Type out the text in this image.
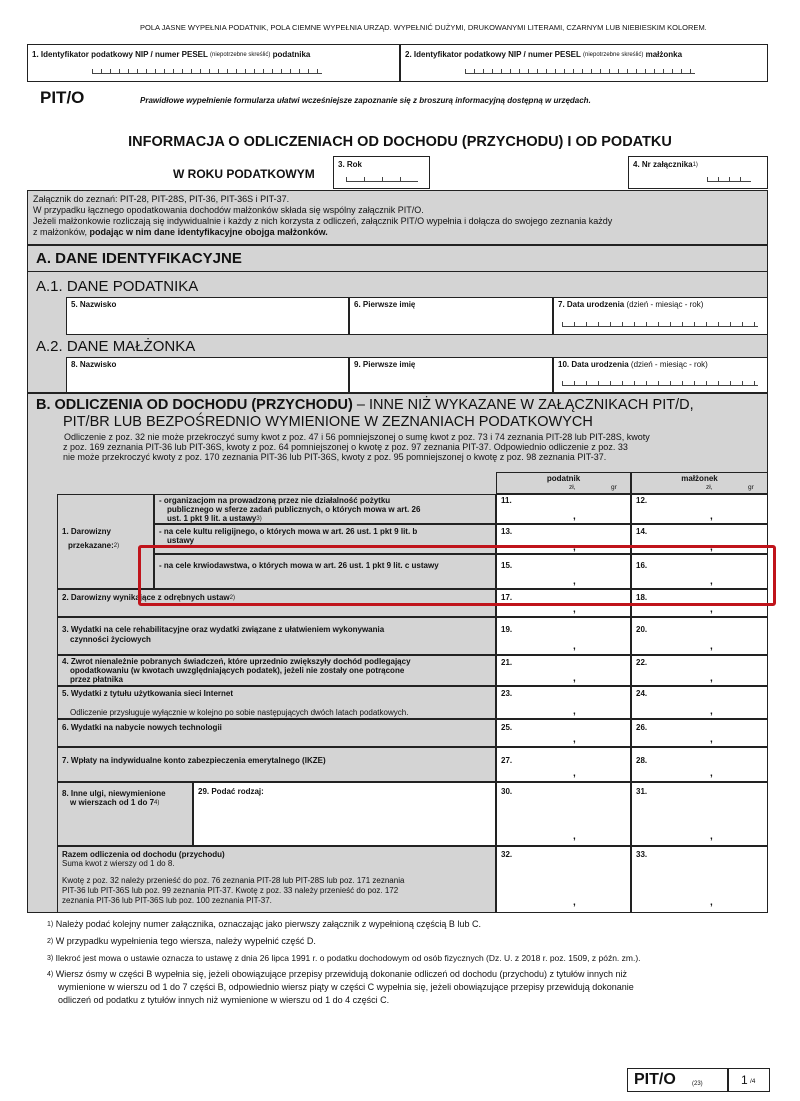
POLA JASNE WYPEŁNIA PODATNIK, POLA CIEMNE WYPEŁNIA URZĄD. WYPEŁNIĆ DUŻYMI, DRUKOWANYMI LITERAMI, CZARNYM LUB NIEBIESKIM KOLOREM.
1. Identyfikator podatkowy NIP / numer PESEL $^{(niepotrzebne skreślić)}$ podatnika	2. Identyfikator podatkowy NIP / numer PESEL $^{(niepotrzebne skreślić)}$ małżonka
PIT/O	Prawidłowe wypełnienie formularza ułatwi wcześniejsze zapoznanie się z broszurą informacyjną dostępną w urzędach.
INFORMACJA O ODLICZENIACH OD DOCHODU (PRZYCHODU) I OD PODATKU
W ROKU PODATKOWYM
3. Rok	4. Nr załącznika$^{1)}$
Załącznik do zeznań: PIT-28, PIT-28S, PIT-36, PIT-36S i PIT-37.
W przypadku łącznego opodatkowania dochodów małżonków składa się wspólny załącznik PIT/O.
Jeżeli małżonkowie rozliczają się indywidualnie i każdy z nich korzysta z odliczeń, załącznik PIT/O wypełnia i dołącza do swojego zeznania każdy
z małżonków, podając w nim dane identyfikacyjne obojga małżonków.
A. DANE IDENTYFIKACYJNE
A.1. DANE PODATNIKA
A.2. DANE MAŁŻONKA
5. Nazwisko	6. Pierwsze imię	7. Data urodzenia (dzień - miesiąc - rok)
8. Nazwisko	9. Pierwsze imię	10. Data urodzenia (dzień - miesiąc - rok)
B. ODLICZENIA OD DOCHODU (PRZYCHODU) – INNE NIŻ WYKAZANE W ZAŁĄCZNIKACH PIT/D,
PIT/BR LUB BEZPOŚREDNIO WYMIENIONE W ZEZNANIACH PODATKOWYCH
Odliczenie z poz. 32 nie może przekroczyć sumy kwot z poz. 47 i 56 pomniejszonej o sumę kwot z poz. 73 i 74 zeznania PIT-28 lub PIT-28S, kwoty
z poz. 169 zeznania PIT-36 lub PIT-36S, kwoty z poz. 64 pomniejszonej o kwotę z poz. 97 zeznania PIT-37. Odpowiednio odliczenie z poz. 33
nie może przekroczyć kwoty z poz. 170 zeznania PIT-36 lub PIT-36S, kwoty z poz. 95 pomniejszonej o kwotę z poz. 98 zeznania PIT-37.
podatnik
zł,	gr
małżonek
zł,	gr
1. Darowizny
przekazane:$^{2)}$
- organizacjom na prowadzoną przez nie działalność pożytku
publicznego w sferze zadań publicznych, o których mowa w art. 26
ust. 1 pkt 9 lit. a ustawy$^{3)}$
11.
,
12.
,
- na cele kultu religijnego, o których mowa w art. 26 ust. 1 pkt 9 lit. b
ustawy
13.
,
14.
,
- na cele krwiodawstwa, o których mowa w art. 26 ust. 1 pkt 9 lit. c ustawy	15.
,
16.
,
2. Darowizny wynikające z odrębnych ustaw$^{2)}$	17.
,
18.
,
3. Wydatki na cele rehabilitacyjne oraz wydatki związane z ułatwieniem wykonywania
czynności życiowych
19.
,
20.
,
4. Zwrot nienależnie pobranych świadczeń, które uprzednio zwiększyły dochód podlegający
opodatkowaniu (w kwotach uwzględniających podatek), jeżeli nie zostały one potrącone
przez płatnika
21.
,
22.
,
5. Wydatki z tytułu użytkowania sieci Internet
Odliczenie przysługuje wyłącznie w kolejno po sobie następujących dwóch latach podatkowych.
23.
,
24.
,
6. Wydatki na nabycie nowych technologii	25.
,
26.
,
7. Wpłaty na indywidualne konto zabezpieczenia emerytalnego (IKZE)	27.
,
28.
,
8. Inne ulgi, niewymienione
w wierszach od 1 do 7$^{4)}$
29. Podać rodzaj:	30.
,
31.
,
Razem odliczenia od dochodu (przychodu)
Suma kwot z wierszy od 1 do 8.
Kwotę z poz. 32 należy przenieść do poz. 76 zeznania PIT-28 lub PIT-28S lub poz. 171 zeznania
PIT-36 lub PIT-36S lub poz. 99 zeznania PIT-37. Kwotę z poz. 33 należy przenieść do poz. 172
zeznania PIT-36 lub PIT-36S lub poz. 100 zeznania PIT-37.
32.
,
33.
,
$^{1)}$ Należy podać kolejny numer załącznika, oznaczając jako pierwszy załącznik z wypełnioną częścią B lub C.
$^{2)}$ W przypadku wypełnienia tego wiersza, należy wypełnić część D.
$^{3)}$ Ilekroć jest mowa o ustawie oznacza to ustawę z dnia 26 lipca 1991 r. o podatku dochodowym od osób fizycznych (Dz. U. z 2018 r. poz. 1509, z późn. zm.).
$^{4)}$ Wiersz ósmy w części B wypełnia się, jeżeli obowiązujące przepisy przewidują dokonanie odliczeń od dochodu (przychodu) z tytułów innych niż
wymienione w wierszu od 1 do 7 części B, odpowiednio wiersz piąty w części C wypełnia się, jeżeli obowiązujące przepisy przewidują dokonanie
odliczeń od podatku z tytułów innych niż wymienione w wierszu od 1 do 4 części C.
PIT/O	(23)	1 /4
